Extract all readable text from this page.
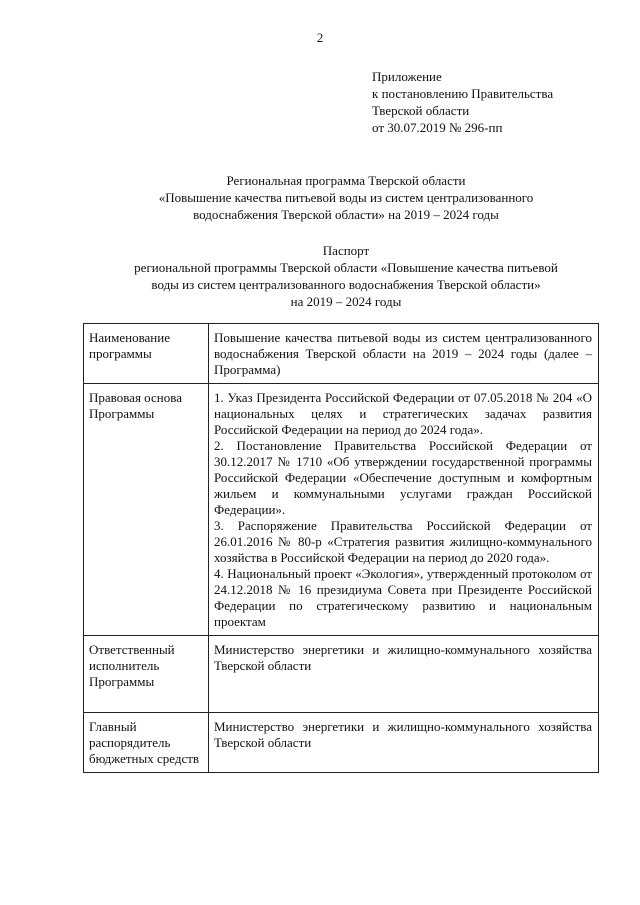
2
Приложение
к постановлению Правительства
Тверской области
от 30.07.2019 № 296-пп
Региональная программа Тверской области
«Повышение качества питьевой воды из систем централизованного
водоснабжения Тверской области» на 2019 – 2024 годы
Паспорт
региональной программы Тверской области «Повышение качества питьевой
воды из систем централизованного водоснабжения Тверской области»
на 2019 – 2024 годы
Наименование программы	Повышение качества питьевой воды из систем централизованного водоснабжения Тверской области на 2019 – 2024 годы (далее – Программа)

Правовая основа Программы	1. Указ Президента Российской Федерации от 07.05.2018 № 204 «О национальных целях и стратегических задачах развития Российской Федерации на период до 2024 года».
2. Постановление Правительства Российской Федерации от 30.12.2017 № 1710 «Об утверждении государственной программы Российской Федерации «Обеспечение доступным и комфортным жильем и коммунальными услугами граждан Российской Федерации».
3. Распоряжение Правительства Российской Федерации от 26.01.2016 № 80-р «Стратегия развития жилищно-коммунального хозяйства в Российской Федерации на период до 2020 года».
4. Национальный проект «Экология», утвержденный протоколом от 24.12.2018 № 16 президиума Совета при Президенте Российской Федерации по стратегическому развитию и национальным проектам

Ответственный исполнитель Программы	Министерство энергетики и жилищно-коммунального хозяйства Тверской области

Главный распорядитель бюджетных средств	Министерство энергетики и жилищно-коммунального хозяйства Тверской области
